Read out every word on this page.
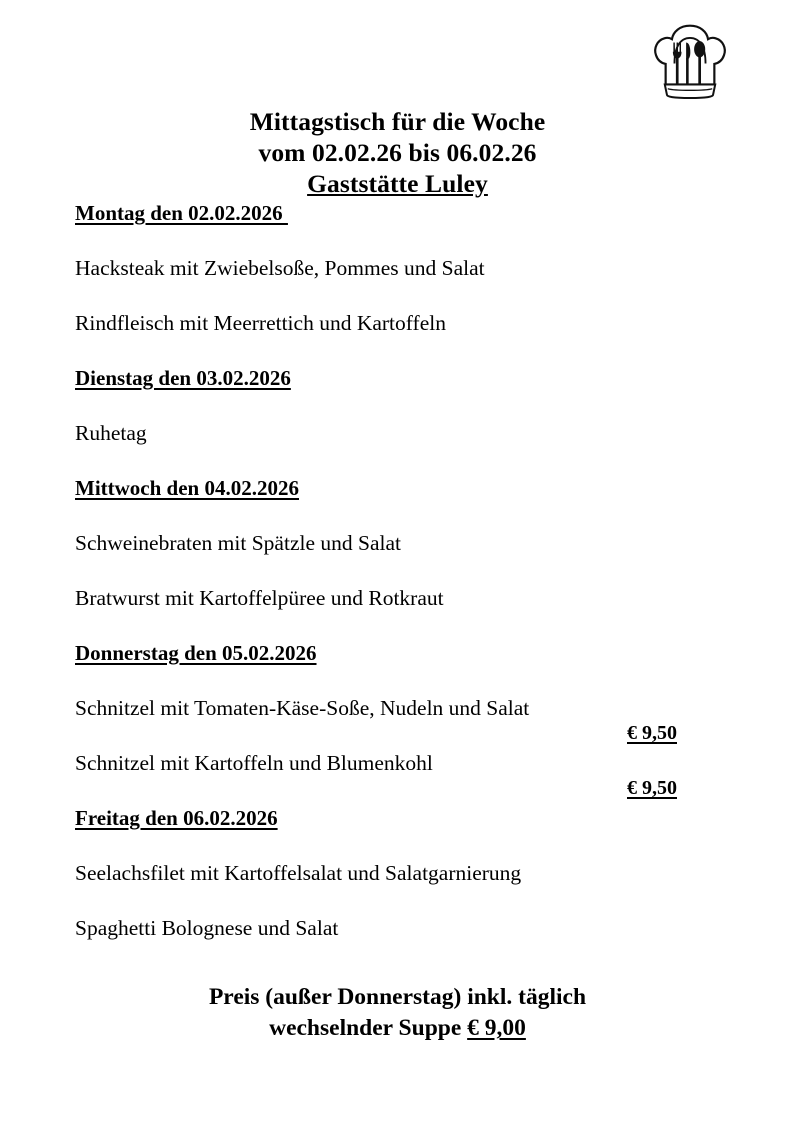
Mittagstisch für die Woche
vom 02.02.26 bis 06.02.26
Gaststätte Luley
Montag den 02.02.2026
Hacksteak mit Zwiebelsoße, Pommes und Salat
Rindfleisch mit Meerrettich und Kartoffeln
Dienstag den 03.02.2026
Ruhetag
Mittwoch den 04.02.2026
Schweinebraten mit Spätzle und Salat
Bratwurst mit Kartoffelpüree und Rotkraut
Donnerstag den 05.02.2026
Schnitzel mit Tomaten-Käse-Soße, Nudeln und Salat
€ 9,50
Schnitzel mit Kartoffeln und Blumenkohl
€ 9,50
Freitag den 06.02.2026
Seelachsfilet mit Kartoffelsalat und Salatgarnierung
Spaghetti Bolognese und Salat
Preis (außer Donnerstag) inkl. täglich
wechselnder Suppe € 9,00
